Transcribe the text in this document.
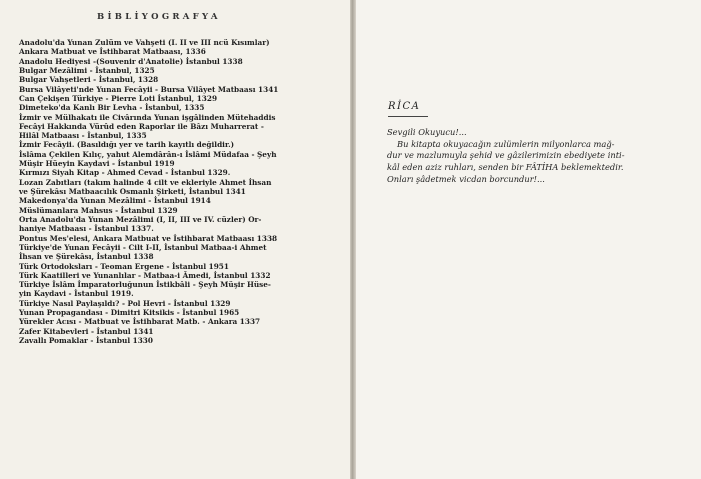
BİBLİYOGRAFYA
Anadolu'da Yunan Zulüm ve Vahşeti (I. II ve III ncü Kısımlar)
Ankara Matbuat ve İstihbarat Matbaası, 1336
Anadolu Hediyesi -(Souvenir d'Anatolie) İstanbul 1338
Bulgar Mezâlimi - İstanbul, 1325
Bulgar Vahşetleri - İstanbul, 1328
Bursa Vilâyeti'nde Yunan Fecâyii - Bursa Vilâyet Matbaası 1341
Can Çekişen Türkiye - Pierre Loti İstanbul, 1329
Dimeteko'da Kanlı Bir Levha - İstanbul, 1335
İzmir ve Mülhakatı ile Civârında Yunan işgâlinden Mütehaddis
Fecâyi Hakkında Vürûd eden Raporlar ile Bâzı Muharrerat -
Hilâl Matbaası - İstanbul, 1335
İzmir Fecâyii. (Basıldığı yer ve tarih kayıtlı değildir.)
İslâma Çekilen Kılıç, yahut Alemdârân-ı İslâmi Müdafaa - Şeyh
Müşir Hüeyin Kaydavi - İstanbul 1919
Kırmızı Siyah Kitap - Ahmed Cevad - İstanbul 1329.
Lozan Zabıtları (takım halinde 4 cilt ve ekleriyle Ahmet İhsan
ve Şürekâsı Matbaacılık Osmanlı Şirketi, İstanbul 1341
Makedonya'da Yunan Mezâlimi - İstanbul 1914
Müslümanlara Mahsus - İstanbul 1329
Orta Anadolu'da Yunan Mezâlimi (I, II, III ve IV. cüzler) Or-
haniye Matbaası - İstanbul 1337.
Pontus Mes'elesi, Ankara Matbuat ve İstihbarat Matbaası 1338
Türkiye'de Yunan Fecâyii - Cilt I-II, İstanbul Matbaa-i Ahmet
İhsan ve Şürekâsı, İstanbul 1338
Türk Ortodoksları - Teoman Ergene - İstanbul 1951
Türk Kaatilleri ve Yunanlılar - Matbaa-i Âmedi, İstanbul 1332
Türkiye İslâm İmparatorluğunun İstikbâli - Şeyh Müşir Hüse-
yin Kaydavi - İstanbul 1919.
Türkiye Nasıl Paylaşıldı? - Pol Hevri - İstanbul 1329
Yunan Propagandası - Dimitri Kitsikis - İstanbul 1965
Yürekler Acısı - Matbuat ve İstihbarat Matb. - Ankara 1337
Zafer Kitabevleri - İstanbul 1341
Zavallı Pomaklar - İstanbul 1330
RİCA
Sevgili Okuyucu!...
Bu kitapta okuyacağın zulümlerin milyonlarca mağ-
dur ve mazlumuyla şehid ve gâzilerimizin ebediyete inti-
kâl eden aziz ruhları, senden bir FÂTİHA beklemektedir.
Onları şâdetmek vicdan borcundur!...
